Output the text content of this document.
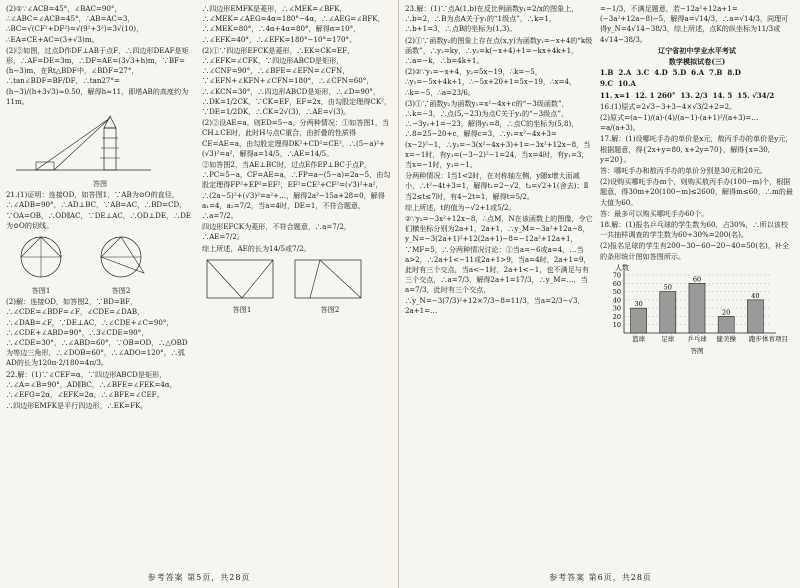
(2)①∵∠ACB=45°，∠BAC=90°，∴∠ABC=∠ACB=45°，∴AB=AC=3，∴BC=√(CF²+DF²)=√(9²+3²)=3√(10)，∴EA=CE+AC=(3+√3)m。

(2)②如图，过点D作DF⊥AB于点F，∴四边形DEAF是矩形，∴AF=DE=3m，∴DF=AE=(3√3+h)m，∵BF=(h−3)m，在Rt△BDF中，∠BDF=27°，∴tan∠BDF=BF/DF，∴tan27°=(h−3)/(h+3√3)≈0.50，解得h≈11，即塔AB的高度约为11m。

答图

21.(1)证明：连接OD，如答图1，∵AB为⊙O的直径，∴∠ADB=90°，∴AD⊥BC，∵AB=AC，∴BD=CD，∵OA=OB，∴OD∥AC，∵DE⊥AC，∴OD⊥DE，∴DE为⊙O的切线。

答图1	答图2

(2)解：连接OD，如答图2，∵BD=BF，∴∠CDE=∠BDF=∠F，∠CDE=∠DAB，∴∠DAB=∠F，∵DE⊥AC，∴∠CDE+∠C=90°，∴∠CDE+∠ABD=90°，∴3∠CDE=90°，∴∠CDE=30°，∴∠ABD=60°，∵OB=OD，∴△OBD为等边三角形，∴∠DOB=60°，∴∠ADO=120°，∴弧AD的长为120π·2/180=4π/3。

22.解：(1)∵∠CEF=α，∵四边形ABCD是矩形，∴∠A=∠B=90°，AD∥BC，∴∠BFE=∠FEK=4α，∴∠EFG=2α，∠EFK=2α，∴∠BFE=∠CEF。

∴四边形EMFK是平行四边形，∴EK=FK，

∴四边形EMFK是菱形，∴∠MEK=∠BFK，∴∠MEK=∠AEG=4α=180°−4α，∴∠AEG=∠BFK，∴∠MEK=80°，∴4α+4α=80°，解得α=10°，∴∠EFK=40°，∴∠EFK=180°−10°=170°。

(2)①∵四边形EFCK是菱形，∴EK=CK=EF，∴∠EFK=∠CFK，∵四边形ABCD是矩形，∴∠CNF=90°，∴∠BFE=∠EFN=∠CFN，∵∠EFN+∠KFN+∠CFN=180°，∴∠CFN=60°，∴∠KCN=30°，∴四边形ABCD是矩形，∴∠D=90°，∴DK=1/2CK，∵CK=EF，EF=2x，由勾股定理得CK²，∵DE=1/2DK，∴CK=2√(3)，∴AE=√(3)。

(2)②设AE=a，则ED=5−a，分两种情况：①如答图1，当CH⊥CE时，此时H与点C重合，由折叠的性质得CE=AE=a，由勾股定理得DK²+CD²=CE²，∴(5−a)²+(√3)²=a²，解得a=14/5，∴AE=14/5。

②如答图2，当AE⊥BC时，过点E作EP⊥BC于点P，∴PC=5−a，CF=AE=a，∴FP=a−(5−a)=2a−5，由勾股定理得FP²+EP²=EF²，EF²=CE²+CF²=(√3)²+a²，∴(2a−5)²+(√3)²=a²+…，解得2a²−15a+28=0，解得a₁=4，a₂=7/2，当a=4时，DE=1，不符合题意，∴a=7/2。

四边形EFCK为菱形，不符合题意，∴a=7/2，∴AE=7/2。

综上所述，AE的长为14/5或7/2。

答图1	答图2

参考答案 第5页，共28页

23.解：(1)∵点A(1,b)在反比例函数y₁=2/x的图象上，∴b=2，∴B为点A关于y₁的“1级点”，∴k=1，∴b+1=3，∴点B的坐标为(1,3)。

(2)①∵函数y₂的图象上存在点(x,y)为函数y₁=−x+4的“k级函数”，∴y₂=ky，∴y₂=k(−x+4)+1=−kx+4k+1，∴a=−k，∴b=4k+1。

(2)②∵y₁=−x+4，y₂=5x−19，∴k=−5，∴y₂=−5x+4k+1，∴−5x+20+1=5x−19，∴x=4，∴k=−5，∴a=23/6。

(3)①∵函数y₂为函数y₁=x²−4x+c的“−3级函数”，∴k=−3，∴点(5,−23)为点C关于y₁的“−3级点”，∴−3y₁+1=−23，解得y₁=8，∴点C的坐标为(5,8)，∴8=25−20+c，解得c=3，∴y₁=x²−4x+3=(x−2)²−1，∴y₂=−3(x²−4x+3)+1=−3x²+12x−8，当x=−1时，有y₁=(−3−2)²−1=24，当x=4时，有y₁=3，当x=−1时，y₁=−1。

分两种情况：Ⅰ当1<2时，在对称轴左侧，y随x增大而减小，∴t²−4t+3=1，解得t₁=2−√2，t₂=√2+1(舍去)；Ⅱ当2≤t≤7时，有4−2t=1，解得t=5/2。

综上所述，t的值为−√2+1或5/2。

②∵y₂=−3x²+12x−8，∴点M，N在该函数上的图像，令它们横坐标分别为2a+1，2a+1，∴y_M=−3a²+12a−8，y_N=−3(2a+1)²+12(2a+1)−8=−12a²+12a+1，∵MF=5，∴分两种情况讨论：①当a=−6或a=4，…当a>2，∴2a+1<−11或2a+1>9，当a=4时，2a+1=9，此时有三个交点，当a<−1时，2a+1<−1，也不满足与有三个交点，∴a=7/3，解得2a+1=17/3，∴y_M=…，当a=7/3，此时有三个交点，∴y_N=−3(7/3)²+12×7/3−8=11/3，当a=2/3−√3，2a+1=…

=−1/3，不满足题意，若−12a²+12a+1=(−3a²+12a−8)−5，解得a=√14/3，∴a=√14/3，同理可得y_N=4√14−38/3，综上所述，点K的纵坐标为11/3或4√14−38/3。

辽宁省初中学业水平考试

数学模拟试卷(三)

1.B  2.A  3.C  4.D  5.D  6.A  7.B  8.D

9.C  10.A

11. x=1  12. 1 260°  13. 2/3  14. 5  15. √34/2

16.(1)原式=2√3−3+3−4×√3/2+2=2。

(2)原式=(a−1)/(a)·(4)/(a−1)·(a+1)²/(a+3)=…=a/(a+3)。

17.解：(1)设哪吒手办的单价是x元，敖丙手办的单价是y元，根据题意，得{2x+y=80, x+2y=70}，解得{x=30, y=20}。

答：哪吒手办和敖丙手办的单价分别是30元和20元。

(2)设购买哪吒手办m个，则购买敖丙手办(100−m)个，根据题意，得30m+20(100−m)≤2600，解得m≤60，∴m的最大值为60。

答：最多可以购买哪吒手办60个。

18.解：(1)报名乒乓球的学生数为60，占30%，∴所以该校一共抽样调查的学生数为60÷30%=200(名)。

(2)报名足球的学生有200−30−60−20−40=50(名)，补全的条形统计图如答图所示。

人数
10
20
30
40
50
60
70
30
篮球
50
足球
60
乒乓球
20
健美操
40
跑步 体育项目
答图
参考答案 第6页，共28页
